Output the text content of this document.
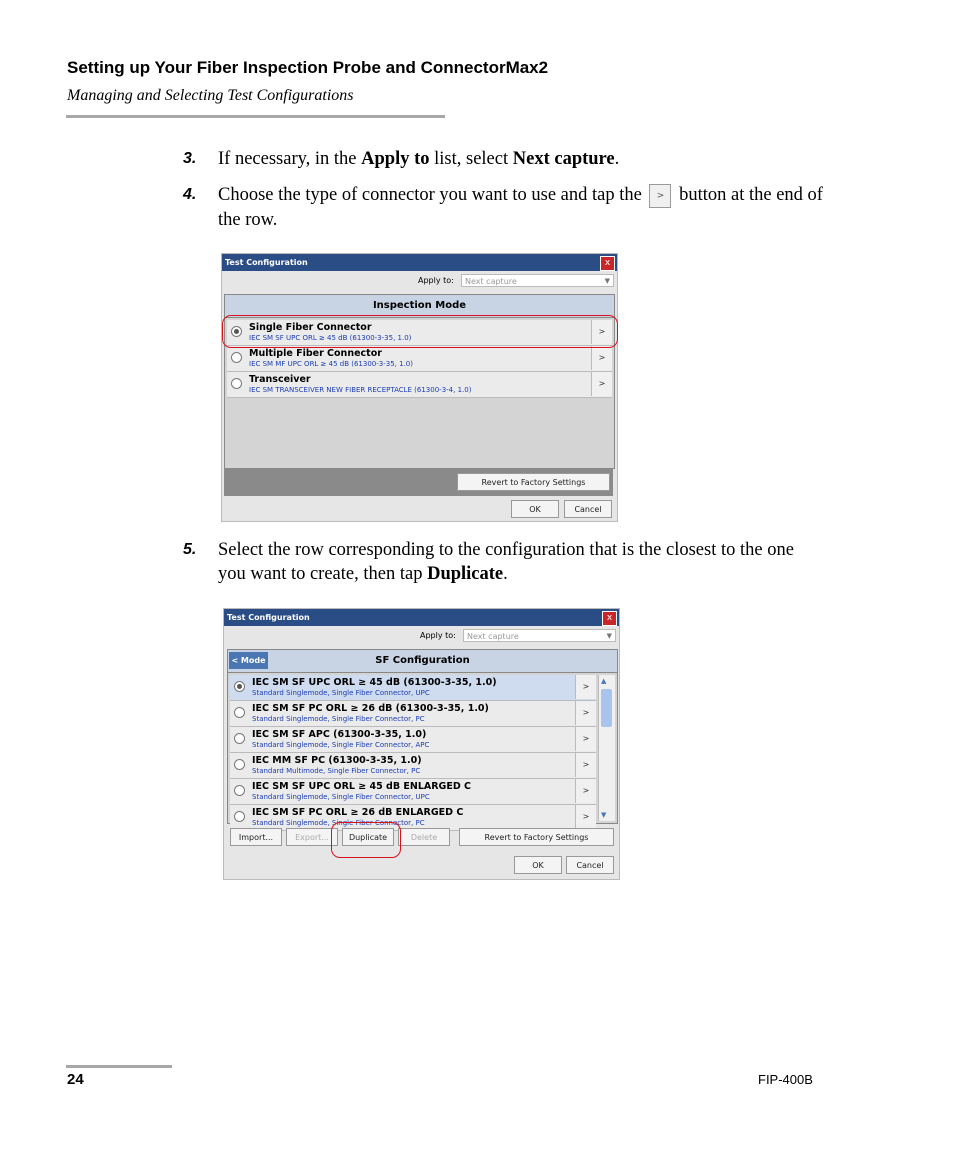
Setting up Your Fiber Inspection Probe and ConnectorMax2
Managing and Selecting Test Configurations
3. If necessary, in the Apply to list, select Next capture.
4. Choose the type of connector you want to use and tap the > button at the end of the row.
Test Configuration	x
Apply to:	Next capture	▼
Inspection Mode
Single Fiber Connector
IEC SM SF UPC ORL ≥ 45 dB (61300-3-35, 1.0)
>
Multiple Fiber Connector
IEC SM MF UPC ORL ≥ 45 dB (61300-3-35, 1.0)
>
Transceiver
IEC SM TRANSCEIVER NEW FIBER RECEPTACLE (61300-3-4, 1.0)
>
Revert to Factory Settings
OK	Cancel
5. Select the row corresponding to the configuration that is the closest to the one you want to create, then tap Duplicate.
Test Configuration	x
Apply to:	Next capture	▼
SF Configuration
< Mode
IEC SM SF UPC ORL ≥ 45 dB (61300-3-35, 1.0)
Standard Singlemode, Single Fiber Connector, UPC
>
IEC SM SF PC ORL ≥ 26 dB (61300-3-35, 1.0)
Standard Singlemode, Single Fiber Connector, PC
>
IEC SM SF APC (61300-3-35, 1.0)
Standard Singlemode, Single Fiber Connector, APC
>
IEC MM SF PC (61300-3-35, 1.0)
Standard Multimode, Single Fiber Connector, PC
>
IEC SM SF UPC ORL ≥ 45 dB ENLARGED C
Standard Singlemode, Single Fiber Connector, UPC
>
IEC SM SF PC ORL ≥ 26 dB ENLARGED C
Standard Singlemode, Single Fiber Connector, PC
>
▲
▼
Import...	Export...	Duplicate	Delete	Revert to Factory Settings
OK	Cancel
24	FIP-400B
